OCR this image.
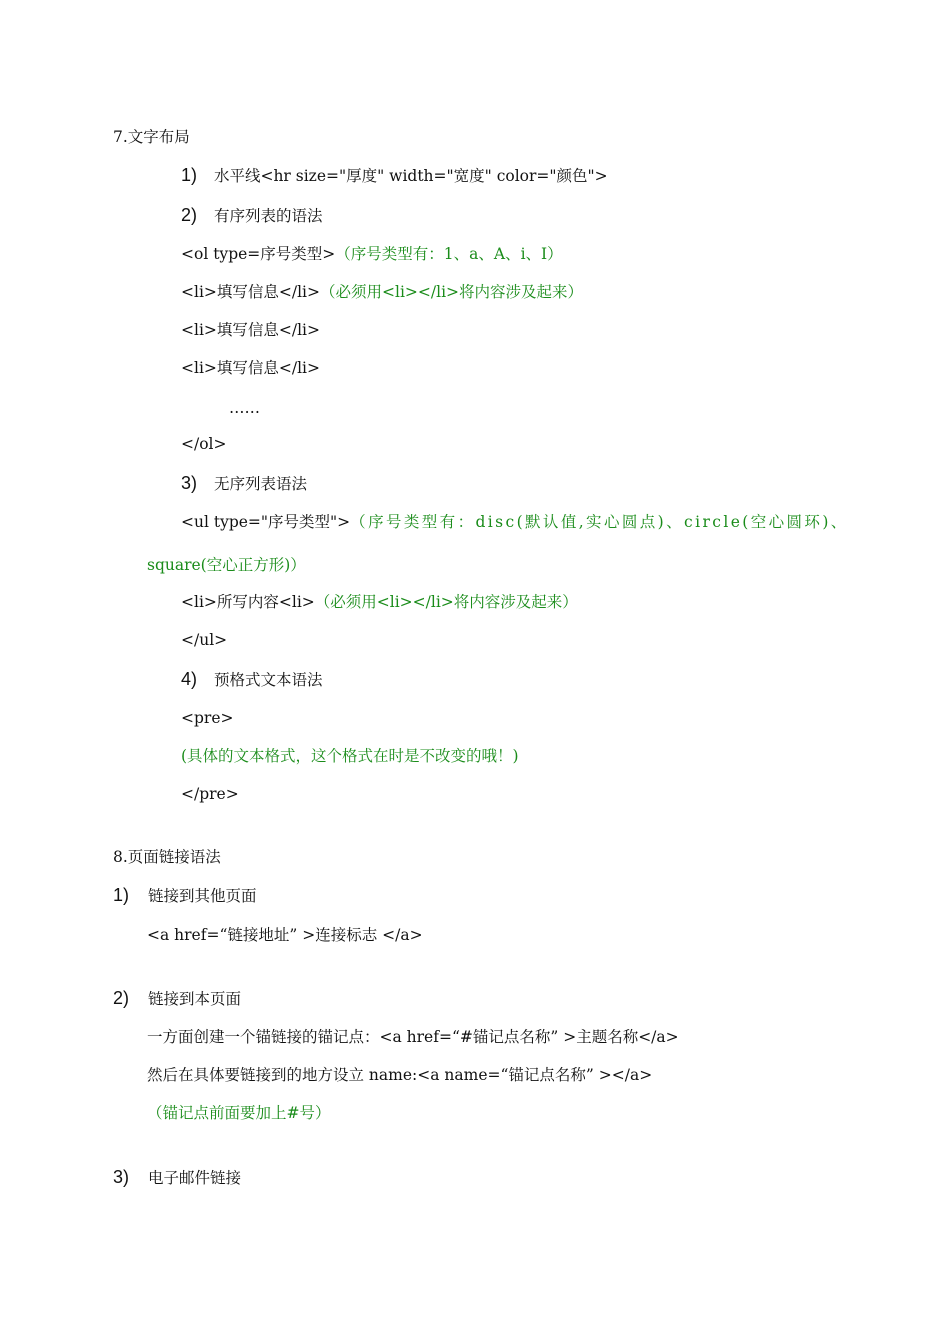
7.文字布局
1) 水平线<hr size="厚度" width="宽度" color="颜色">
2) 有序列表的语法
<ol type=序号类型>（序号类型有：1、a、A、ⅰ、Ⅰ）
<li>填写信息</li>（必须用<li></li>将内容涉及起来）
<li>填写信息</li>
<li>填写信息</li>
……
</ol>
3) 无序列表语法
<ul type="序号类型">（序号类型有：disc(默认值,实心圆点)、circle(空心圆环)、
square(空心正方形)）
<li>所写内容<li>（必须用<li></li>将内容涉及起来）
</ul>
4) 预格式文本语法
<pre>
(具体的文本格式，这个格式在时是不改变的哦！)
</pre>
8.页面链接语法
1) 链接到其他页面
<a href=“链接地址” >连接标志 </a>
2) 链接到本页面
一方面创建一个锚链接的锚记点：<a href=“#锚记点名称” >主题名称</a>
然后在具体要链接到的地方设立 name:<a name=“锚记点名称” ></a>
（锚记点前面要加上#号）
3) 电子邮件链接
